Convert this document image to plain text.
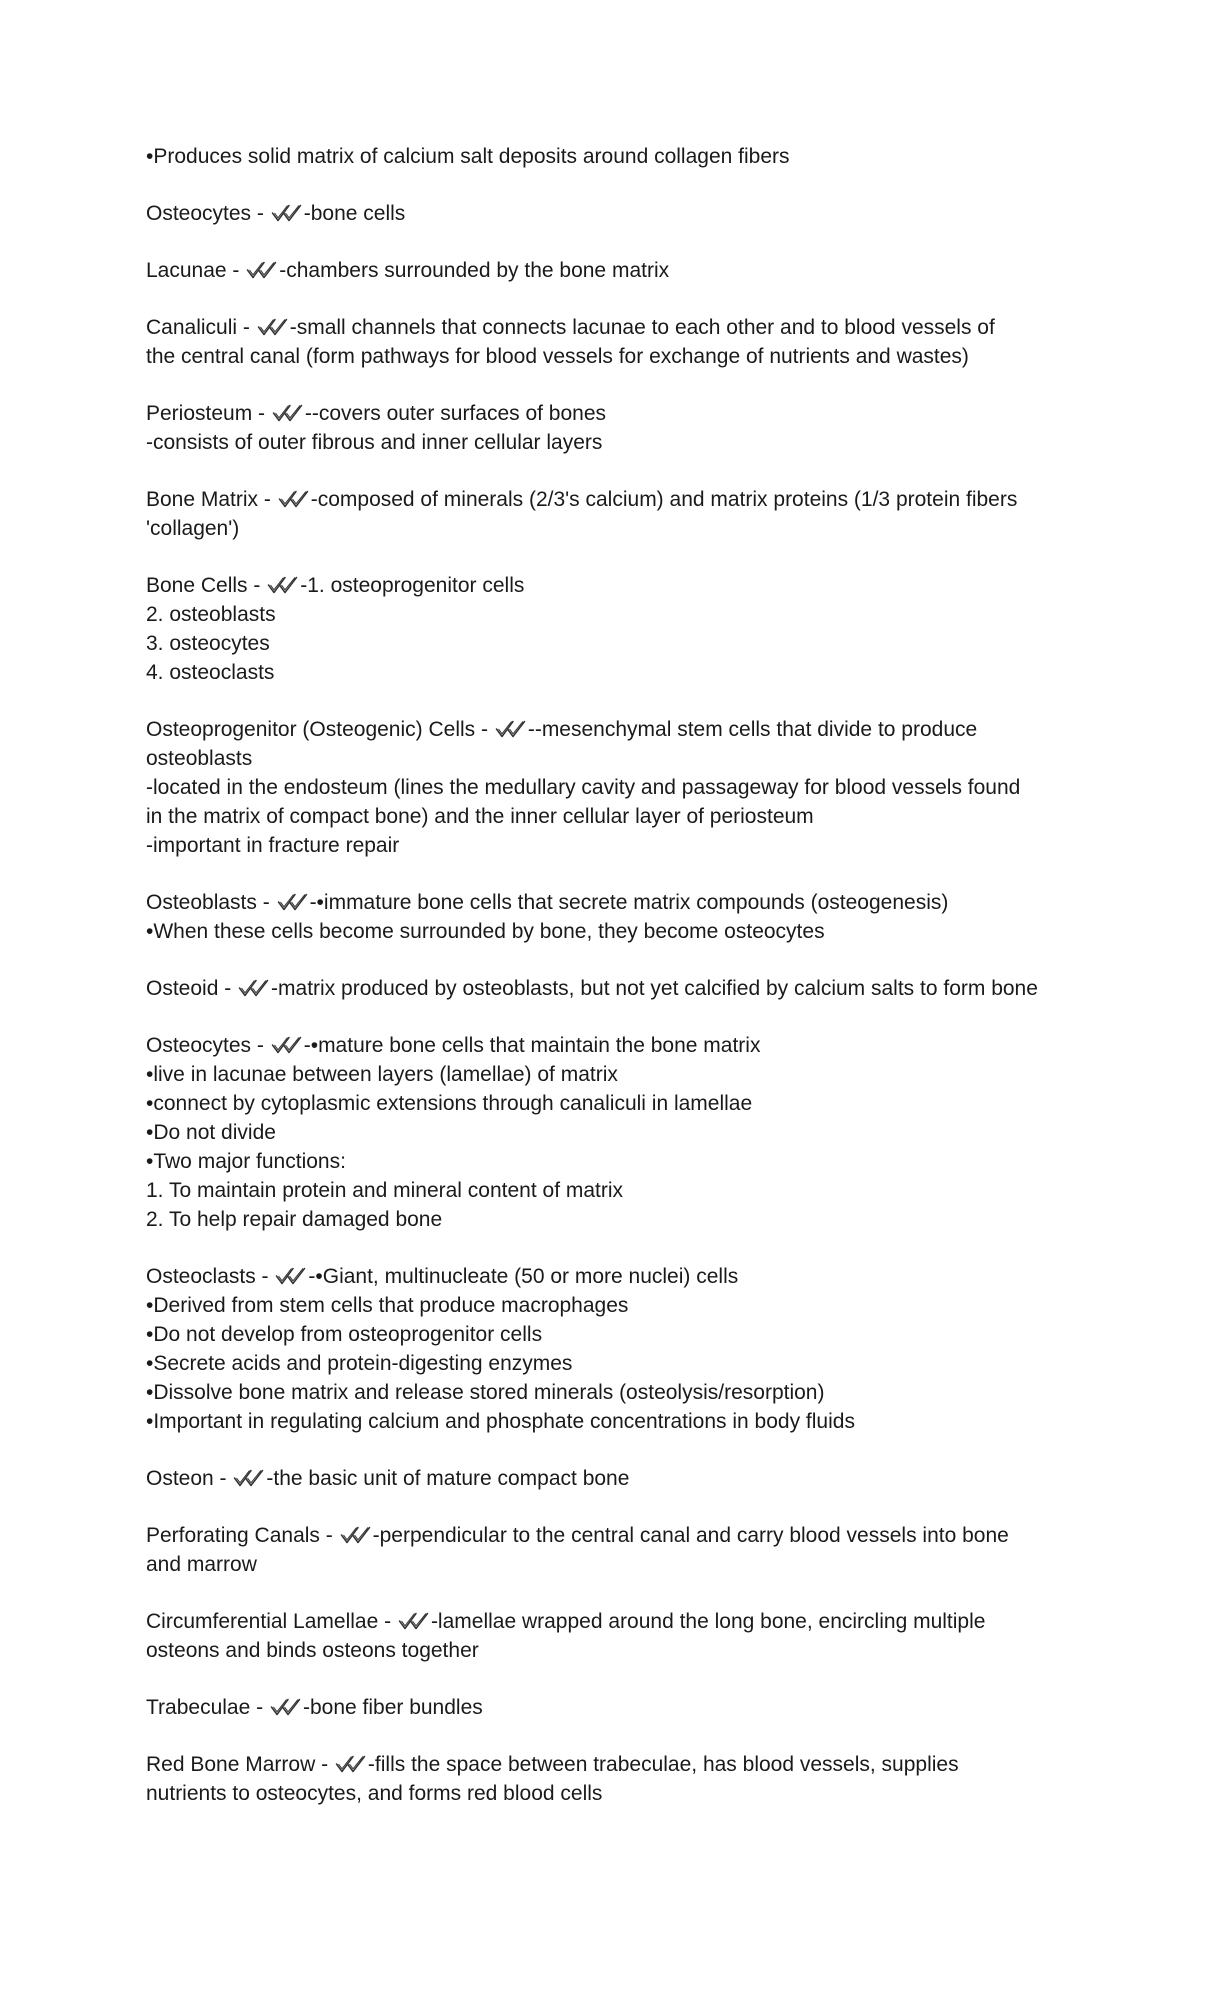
•Produces solid matrix of calcium salt deposits around collagen fibers
Osteocytes -
-bone cells
Lacunae -
-chambers surrounded by the bone matrix
Canaliculi -
-small channels that connects lacunae to each other and to blood vessels of
the central canal (form pathways for blood vessels for exchange of nutrients and wastes)
Periosteum -
--covers outer surfaces of bones
-consists of outer fibrous and inner cellular layers
Bone Matrix -
-composed of minerals (2/3's calcium) and matrix proteins (1/3 protein fibers
'collagen')
Bone Cells -
-1. osteoprogenitor cells
2. osteoblasts
3. osteocytes
4. osteoclasts
Osteoprogenitor (Osteogenic) Cells -
--mesenchymal stem cells that divide to produce
osteoblasts
-located in the endosteum (lines the medullary cavity and passageway for blood vessels found
in the matrix of compact bone) and the inner cellular layer of periosteum
-important in fracture repair
Osteoblasts -
-•immature bone cells that secrete matrix compounds (osteogenesis)
•When these cells become surrounded by bone, they become osteocytes
Osteoid -
-matrix produced by osteoblasts, but not yet calcified by calcium salts to form bone
Osteocytes -
-•mature bone cells that maintain the bone matrix
•live in lacunae between layers (lamellae) of matrix
•connect by cytoplasmic extensions through canaliculi in lamellae
•Do not divide
•Two major functions:
1. To maintain protein and mineral content of matrix
2. To help repair damaged bone
Osteoclasts -
-•Giant, multinucleate (50 or more nuclei) cells
•Derived from stem cells that produce macrophages
•Do not develop from osteoprogenitor cells
•Secrete acids and protein-digesting enzymes
•Dissolve bone matrix and release stored minerals (osteolysis/resorption)
•Important in regulating calcium and phosphate concentrations in body fluids
Osteon -
-the basic unit of mature compact bone
Perforating Canals -
-perpendicular to the central canal and carry blood vessels into bone
and marrow
Circumferential Lamellae -
-lamellae wrapped around the long bone, encircling multiple
osteons and binds osteons together
Trabeculae -
-bone fiber bundles
Red Bone Marrow -
-fills the space between trabeculae, has blood vessels, supplies
nutrients to osteocytes, and forms red blood cells
